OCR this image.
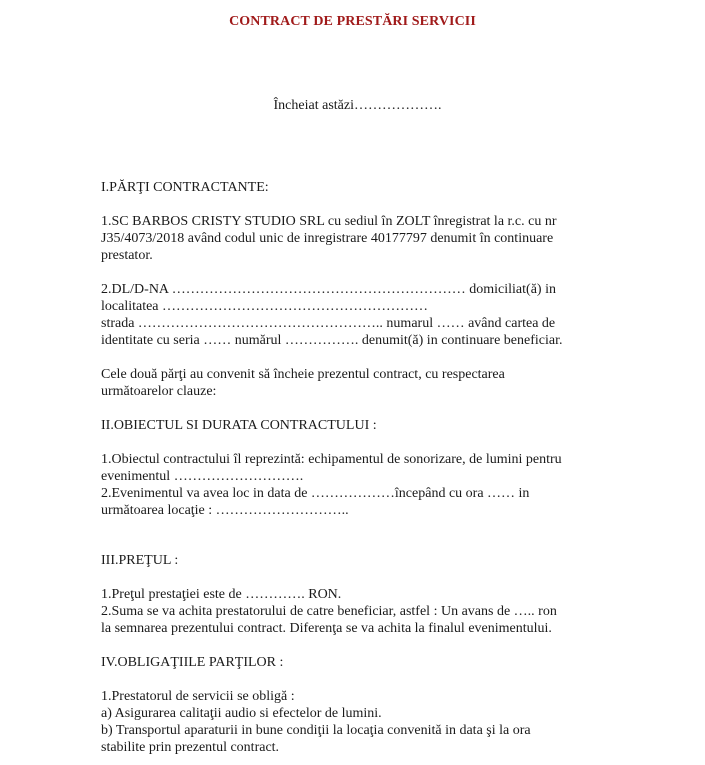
CONTRACT DE PRESTĂRI SERVICII
Încheiat astăzi……………….
I.PĂRŢI CONTRACTANTE:
1.SC BARBOS CRISTY STUDIO SRL cu sediul în ZOLT înregistrat la r.c. cu nr
J35/4073/2018 având codul unic de inregistrare 40177797 denumit în continuare
prestator.
2.DL/D-NA ……………………………………………………… domiciliat(ă) in
localitatea …………………………………………………
strada …………………………………………….. numarul …… având cartea de
identitate cu seria …… numărul ……………. denumit(ă) in continuare beneficiar.
Cele două părţi au convenit să încheie prezentul contract, cu respectarea
următoarelor clauze:
II.OBIECTUL SI DURATA CONTRACTULUI :
1.Obiectul contractului îl reprezintă: echipamentul de sonorizare, de lumini pentru
evenimentul ……………………….
2.Evenimentul va avea loc in data de ………………începând cu ora …… in
următoarea locaţie : ………………………..
III.PREŢUL :
1.Preţul prestaţiei este de …………. RON.
2.Suma se va achita prestatorului de catre beneficiar, astfel : Un avans de ….. ron
la semnarea prezentului contract. Diferenţa se va achita la finalul evenimentului.
IV.OBLIGAŢIILE PARŢILOR :
1.Prestatorul de servicii se obligă :
a) Asigurarea calitaţii audio si efectelor de lumini.
b) Transportul aparaturii in bune condiţii la locaţia convenită in data şi la ora
stabilite prin prezentul contract.
